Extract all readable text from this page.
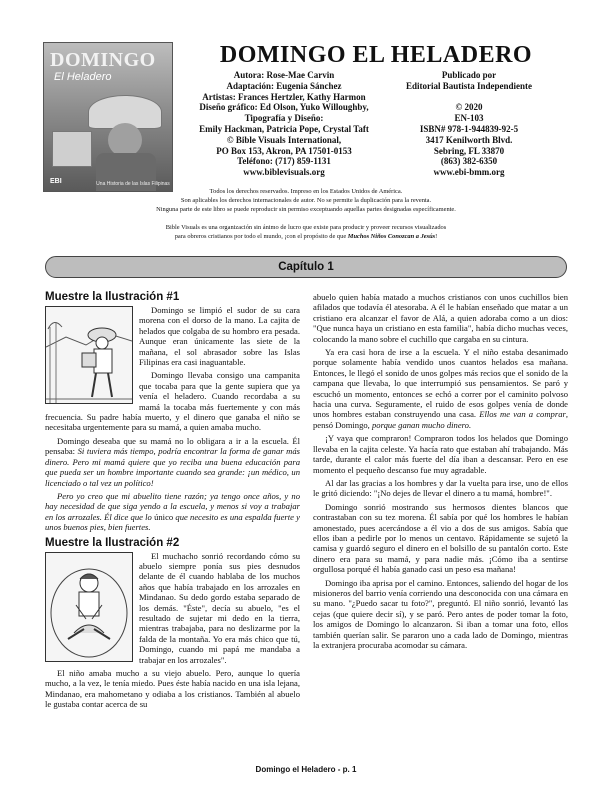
DOMINGO
El Heladero
EBI	Una Historia de las Islas Filipinas
DOMINGO EL HELADERO
Autora: Rose-Mae Carvin
Adaptación: Eugenia Sánchez
Artistas: Frances Hertzler, Kathy Harmon
Diseño gráfico: Ed Olson, Yuko Willoughby,
Tipografía y Diseño:
Emily Hackman, Patricia Pope, Crystal Taft
© Bible Visuals International,
PO Box 153, Akron, PA 17501-0153
Teléfono: (717) 859-1131
www.biblevisuals.org
Publicado por
Editorial Bautista Independiente
© 2020
EN-103
ISBN# 978-1-944839-92-5
3417 Kenilworth Blvd.
Sebring, FL 33870
(863) 382-6350
www.ebi-bmm.org
Todos los derechos reservados. Impreso en los Estados Unidos de América.
Son aplicables los derechos internacionales de autor. No se permite la duplicación para la reventa.
Ninguna parte de este libro se puede reproducir sin permiso exceptuando aquellas partes designadas específicamente.
Bible Visuals es una organización sin ánimo de lucro que existe para producir y proveer recursos visualizados
para obreros cristianos por todo el mundo, ¡con el propósito de que Muchos Niños Conozcan a Jesús!
Capítulo 1
Muestre la Ilustración #1

Domingo se limpió el sudor de su cara morena con el dorso de la mano. La cajita de helados que colgaba de su hombro era pesada. Aunque eran únicamente las siete de la mañana, el sol abrasador sobre las Islas Filipinas era casi inaguantable.

Domingo llevaba consigo una campanita que tocaba para que la gente supiera que ya venía el heladero. Cuando recordaba a su mamá la tocaba más fuertemente y con más frecuencia. Su padre había muerto, y el dinero que ganaba el niño se necesitaba urgentemente para su mamá, a quien amaba mucho.

Domingo deseaba que su mamá no lo obligara a ir a la escuela. Él pensaba: Si tuviera más tiempo, podría encontrar la forma de ganar más dinero. Pero mi mamá quiere que yo reciba una buena educación para que pueda ser un hombre importante cuando sea grande: ¡un médico, un licenciado o tal vez un político!

Pero yo creo que mi abuelito tiene razón; ya tengo once años, y no hay necesidad de que siga yendo a la escuela, y menos si voy a trabajar en los arrozales. Él dice que lo único que necesito es una espalda fuerte y unos buenos pies, bien fuertes.

Muestre la Ilustración #2

El muchacho sonrió recordando cómo su abuelo siempre ponía sus pies desnudos delante de él cuando hablaba de los muchos años que había trabajado en los arrozales en Mindanao. Su dedo gordo estaba separado de los demás. "Éste", decía su abuelo, "es el resultado de sujetar mi dedo en la tierra, mientras trabajaba, para no deslizarme por la falda de la montaña. Yo era más chico que tú, Domingo, cuando mi papá me mandaba a trabajar en los arrozales".

El niño amaba mucho a su viejo abuelo. Pero, aunque lo quería mucho, a la vez, le tenía miedo. Pues éste había nacido en una isla lejana, Mindanao, era mahometano y odiaba a los cristianos. También al abuelo le gustaba contar acerca de su

abuelo quien había matado a muchos cristianos con unos cuchillos bien afilados que todavía él atesoraba. A él le habían enseñado que matar a un cristiano era alcanzar el favor de Alá, a quien adoraba como a un dios: "Que nunca haya un cristiano en esta familia", había dicho muchas veces, colocando la mano sobre el cuchillo que cargaba en su cintura.

Ya era casi hora de irse a la escuela. Y el niño estaba desanimado porque solamente había vendido unos cuantos helados esa mañana. Entonces, le llegó el sonido de unos golpes más recios que el sonido de la campana que llevaba, lo que interrumpió sus pensamientos. Se paró y escuchó un momento, entonces se echó a correr por el caminito polvoso hacia una curva. Seguramente, el ruido de esos golpes venía de donde unos hombres estaban construyendo una casa. Ellos me van a comprar, pensó Domingo, porque ganan mucho dinero.

¡Y vaya que compraron! Compraron todos los helados que Domingo llevaba en la cajita celeste. Ya hacía rato que estaban ahí trabajando. Más tarde, durante el calor más fuerte del día iban a descansar. Pero en ese momento el pequeño descanso fue muy agradable.

Al dar las gracias a los hombres y dar la vuelta para irse, uno de ellos le gritó diciendo: "¡No dejes de llevar el dinero a tu mamá, hombre!".

Domingo sonrió mostrando sus hermosos dientes blancos que contrastaban con su tez morena. Él sabía por qué los hombres le habían amonestado, pues acercándose a él vio a dos de sus amigos. Sabía que ellos iban a pedirle por lo menos un centavo. Rápidamente se sujetó la camisa y guardó seguro el dinero en el bolsillo de su pantalón corto. Este dinero era para su mamá, y para nadie más. ¡Cómo iba a sentirse orgullosa porqué él había ganado casi un peso esa mañana!

Domingo iba aprisa por el camino. Entonces, saliendo del hogar de los misioneros del barrio venía corriendo una desconocida con una cámara en su mano. "¿Puedo sacar tu foto?", preguntó. El niño sonrió, levantó las cejas (que quiere decir sí), y se paró. Pero antes de poder tomar la foto, los amigos de Domingo lo alcanzaron. Si iban a tomar una foto, ellos también querían salir. Se pararon uno a cada lado de Domingo, mientras la extranjera procuraba acomodar su cámara.

Domingo el Heladero - p. 1
